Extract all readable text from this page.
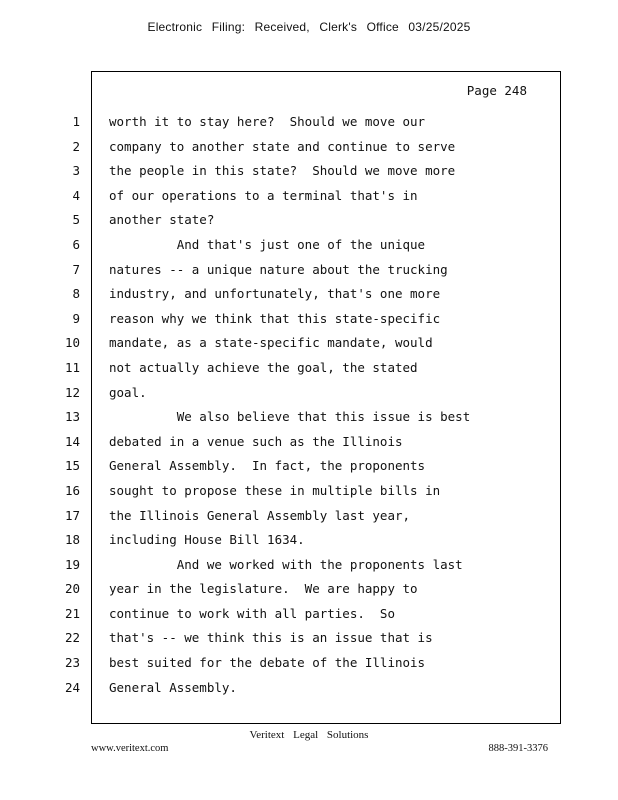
Electronic Filing: Received, Clerk's Office 03/25/2025
Page 248
1 worth it to stay here?  Should we move our
2 company to another state and continue to serve
3 the people in this state?  Should we move more
4 of our operations to a terminal that's in
5 another state?
6 And that's just one of the unique
7 natures -- a unique nature about the trucking
8 industry, and unfortunately, that's one more
9 reason why we think that this state-specific
10 mandate, as a state-specific mandate, would
11 not actually achieve the goal, the stated
12 goal.
13 We also believe that this issue is best
14 debated in a venue such as the Illinois
15 General Assembly.  In fact, the proponents
16 sought to propose these in multiple bills in
17 the Illinois General Assembly last year,
18 including House Bill 1634.
19 And we worked with the proponents last
20 year in the legislature.  We are happy to
21 continue to work with all parties.  So
22 that's -- we think this is an issue that is
23 best suited for the debate of the Illinois
24 General Assembly.
Veritext Legal Solutions
www.veritext.com	888-391-3376
